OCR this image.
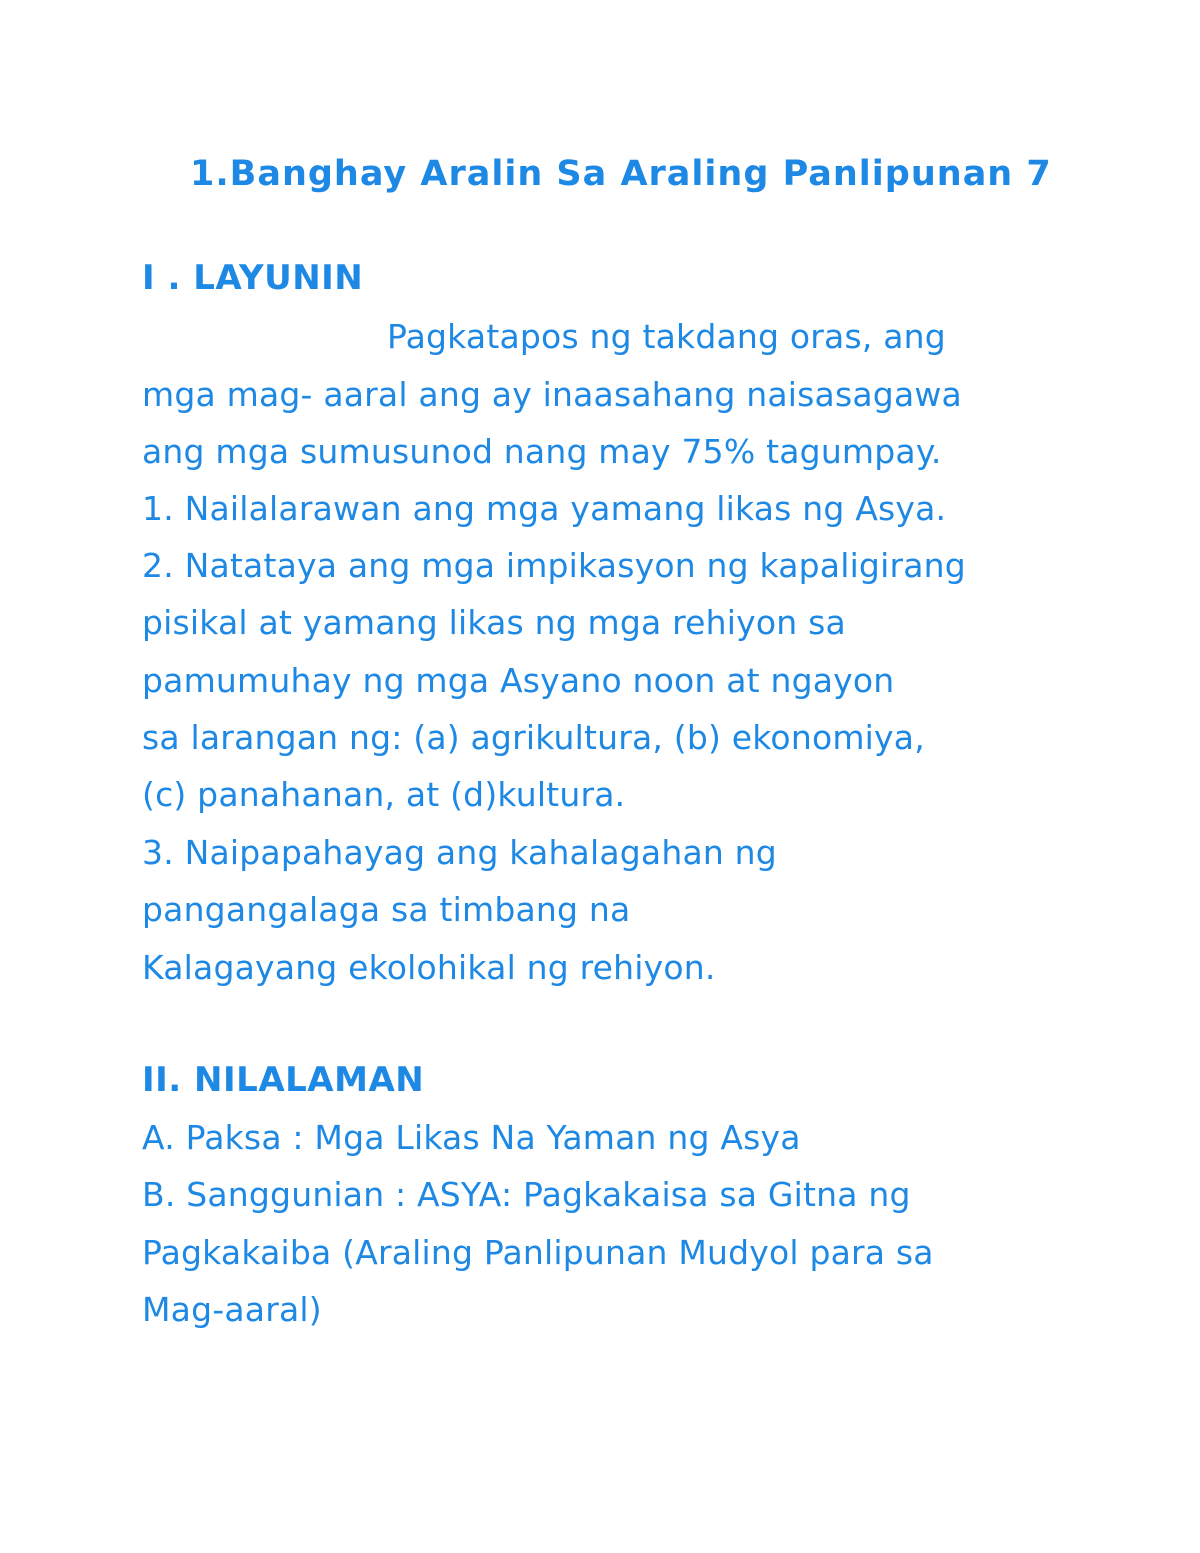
1.Banghay Aralin Sa Araling Panlipunan 7
I . LAYUNIN
Pagkatapos ng takdang oras, ang
mga mag- aaral ang ay inaasahang naisasagawa
ang mga sumusunod nang may 75% tagumpay.
1. Nailalarawan ang mga yamang likas ng Asya.
2. Natataya ang mga impikasyon ng kapaligirang
pisikal at yamang likas ng mga rehiyon sa
pamumuhay ng mga Asyano noon at ngayon
sa larangan ng: (a) agrikultura, (b) ekonomiya,
(c) panahanan, at (d)kultura.
3. Naipapahayag ang kahalagahan ng
pangangalaga sa timbang na
Kalagayang ekolohikal ng rehiyon.
II. NILALAMAN
A. Paksa : Mga Likas Na Yaman ng Asya
B. Sanggunian : ASYA: Pagkakaisa sa Gitna ng
Pagkakaiba (Araling Panlipunan Mudyol para sa
Mag-aaral)
